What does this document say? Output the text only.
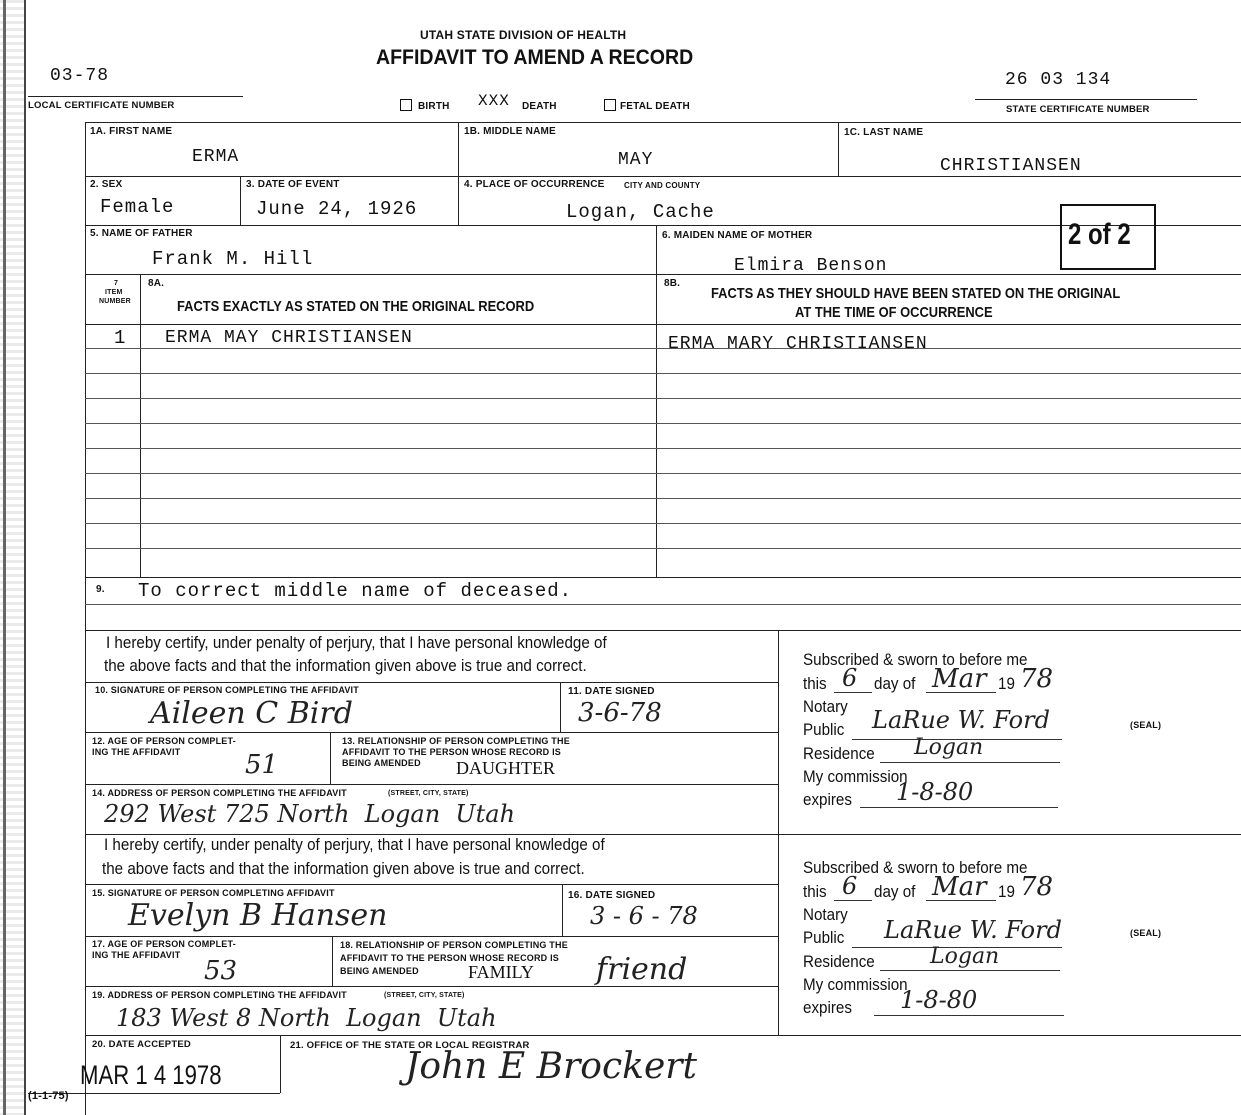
UTAH STATE DIVISION OF HEALTH
AFFIDAVIT TO AMEND A RECORD
03-78
LOCAL CERTIFICATE NUMBER
26 03 134
STATE CERTIFICATE NUMBER
BIRTH XXX DEATH	FETAL DEATH
1A. FIRST NAME
ERMA
1B. MIDDLE NAME
MAY
1C. LAST NAME
CHRISTIANSEN
2. SEX
Female
3. DATE OF EVENT
June 24, 1926
4. PLACE OF OCCURRENCE CITY AND COUNTY
Logan, Cache
2 of 2
5. NAME OF FATHER
Frank M. Hill
6. MAIDEN NAME OF MOTHER
Elmira Benson
7
ITEM
NUMBER
8A.
FACTS EXACTLY AS STATED ON THE ORIGINAL RECORD
8B.
FACTS AS THEY SHOULD HAVE BEEN STATED ON THE ORIGINAL
AT THE TIME OF OCCURRENCE
1 ERMA MAY CHRISTIANSEN	ERMA MARY CHRISTIANSEN
9. To correct middle name of deceased.
I hereby certify, under penalty of perjury, that I have personal knowledge of
the above facts and that the information given above is true and correct.
10. SIGNATURE OF PERSON COMPLETING THE AFFIDAVIT
Aileen C Bird
11. DATE SIGNED
3-6-78
12. AGE OF PERSON COMPLET-
ING THE AFFIDAVIT 51
13. RELATIONSHIP OF PERSON COMPLETING THE
AFFIDAVIT TO THE PERSON WHOSE RECORD IS
BEING AMENDED DAUGHTER
14. ADDRESS OF PERSON COMPLETING THE AFFIDAVIT	(STREET, CITY, STATE)
292 West 725 North  Logan  Utah
Subscribed & sworn to before me
this 6 day of Mar 19 78
Notary
Public LaRue W. Ford	(SEAL)
Residence Logan
My commission
expires 1-8-80
I hereby certify, under penalty of perjury, that I have personal knowledge of
the above facts and that the information given above is true and correct.
15. SIGNATURE OF PERSON COMPLETING AFFIDAVIT
Evelyn B Hansen
16. DATE SIGNED
3 - 6 - 78
17. AGE OF PERSON COMPLET-
ING THE AFFIDAVIT
53
18. RELATIONSHIP OF PERSON COMPLETING THE
AFFIDAVIT TO THE PERSON WHOSE RECORD IS
BEING AMENDED	FAMILY friend
19. ADDRESS OF PERSON COMPLETING THE AFFIDAVIT	(STREET, CITY, STATE)
183 West 8 North  Logan  Utah
Subscribed & sworn to before me
this 6 day of Mar 19 78
Notary
Public LaRue W. Ford	(SEAL)
Residence	Logan
My commission
expires 1-8-80
20. DATE ACCEPTED
MAR 1 4 1978
21. OFFICE OF THE STATE OR LOCAL REGISTRAR
John E Brockert
(1-1-75)
